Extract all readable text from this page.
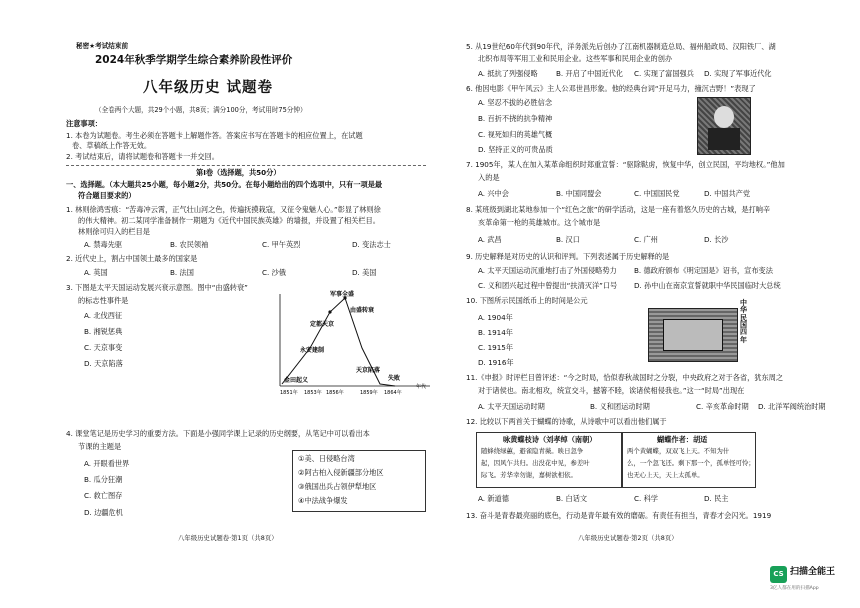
秘密★考试结束前
2024年秋季学期学生综合素养阶段性评价
八年级历史 试题卷
（全卷两个大题，共29个小题，共8页；满分100分，考试用时75分钟）
注意事项：
1. 本卷为试题卷。考生必须在答题卡上解题作答。答案应书写在答题卡的相应位置上，在试题
卷、草稿纸上作答无效。
2. 考试结束后，请将试题卷和答题卡一并交回。
第Ⅰ卷（选择题，共50分）
一、选择题。（本大题共25小题，每小题2分，共50分。在每小题给出的四个选项中，只有一项是最
符合题目要求的）
1. 林则徐鸿雪痕：“苦毒冲云霄，正气壮山河之色，传遍抚摸栽寇，又征令鬼魅人心。”彰显了林则徐
的伟大精神。初二某同学准备制作一期题为《近代中国民族英雄》的墙报，并设置了相关栏目。
林则徐可归入的栏目是
A. 禁毒先驱	B. 农民领袖	C. 甲午英烈	D. 变法志士
2. 近代史上，割占中国领土最多的国家是
A. 英国	B. 法国	C. 沙俄	D. 美国
3. 下图是太平天国运动发展兴衰示意图。图中“由盛转衰”
的标志性事件是
A. 北伐西征
B. 湘锐惩典
C. 天京事变
D. 天京陷落
军事全盛
由盛转衰
定都天京
永安建制
金田起义
天京陷落
失败
1851年 1853年 1856年	1859年 1864年
年代
4. 课堂笔记是历史学习的重要方法。下面是小强同学课上记录的历史纲要，从笔记中可以看出本
节课的主题是
A. 开眼看世界
B. 瓜分狂潮
C. 救亡图存
D. 边疆危机
①美、日侵略台湾
②阿古柏入侵新疆部分地区
③俄国出兵占领伊犁地区
④中法战争爆发
八年级历史试题卷·第1页（共8页）
5. 从19世纪60年代到90年代，洋务派先后创办了江南机器制造总局、福州船政局、汉阳铁厂、湖
北织布局等军用工业和民用企业。这些军事和民用企业的创办
A. 抵抗了列强侵略	B. 开启了中国近代化 C. 实现了富国强兵 D. 实现了军事近代化
6. 他因电影《甲午风云》主人公邓世昌形象。他的经典台词“开足马力，撞沉吉野！”表现了
A. 坚忍不拔的必胜信念
B. 百折不挠的抗争精神
C. 视死如归的英雄气概
D. 坚持正义的可贵品质
7. 1905年，某人在加入某革命组织时郑重宣誓：“驱除鞑虏，恢复中华，创立民国，平均地权。”他加
入的是
A. 兴中会	B. 中国同盟会	C. 中国国民党	D. 中国共产党
8. 某班级到湖北某地参加一个“红色之旅”的研学活动，这是一座有着悠久历史的古城，是打响辛
亥革命第一枪的英雄城市。这个城市是
A. 武昌	B. 汉口	C. 广州	D. 长沙
9. 历史解释是对历史的认识和评判。下列表述属于历史解释的是
A. 太平天国运动沉重地打击了外国侵略势力 B. 德政府颁布《明定国是》诏书，宣布变法
C. 义和团兴起过程中曾提出“扶清灭洋”口号 D. 孙中山在南京宣誓就职中华民国临时大总统
10. 下图所示民国纸币上的时间是公元
A. 1904年
B. 1914年
C. 1915年
D. 1916年
中华民国四年
11.《申报》时评栏目曾评述：“今之时局，恰似春秋战国时之分裂，中央政府之对于各省，犹东周之
对于诸侯也。南北相攻，统宣交斗，撼箸不睦，诶诸侯相侵我也。”这一“时局”出现在
A. 太平天国运动时期	B. 义和团运动时期	C. 辛亥革命时期 D. 北洋军阀统治时期
12. 比较以下两首关于蝴蝶的诗歌，从诗歌中可以看出他们属于
咏黄蝶枝诗（刘孝绰（南朝）
随蜂绕绿蕙，避雀隐青薇。映日忽争
起，因风乍共归。出没花中见，参差叶
际飞。芳华幸勿谢，嘉树欲相依。
蝴蝶作者：胡适
两个黄蝴蝶，双双飞上天。不知为什
么，一个忽飞还。剩下那一个，孤单怪可怜；
也无心上天，天上太孤单。
A. 新道德	B. 白话文	C. 科学	D. 民主
13. 奋斗是青春最亮丽的底色，行动是青年最有效的磨砺。有责任有担当，青春才会闪光。1919
八年级历史试题卷·第2页（共8页）
CS 扫描全能王
3亿人都在用的扫描App
